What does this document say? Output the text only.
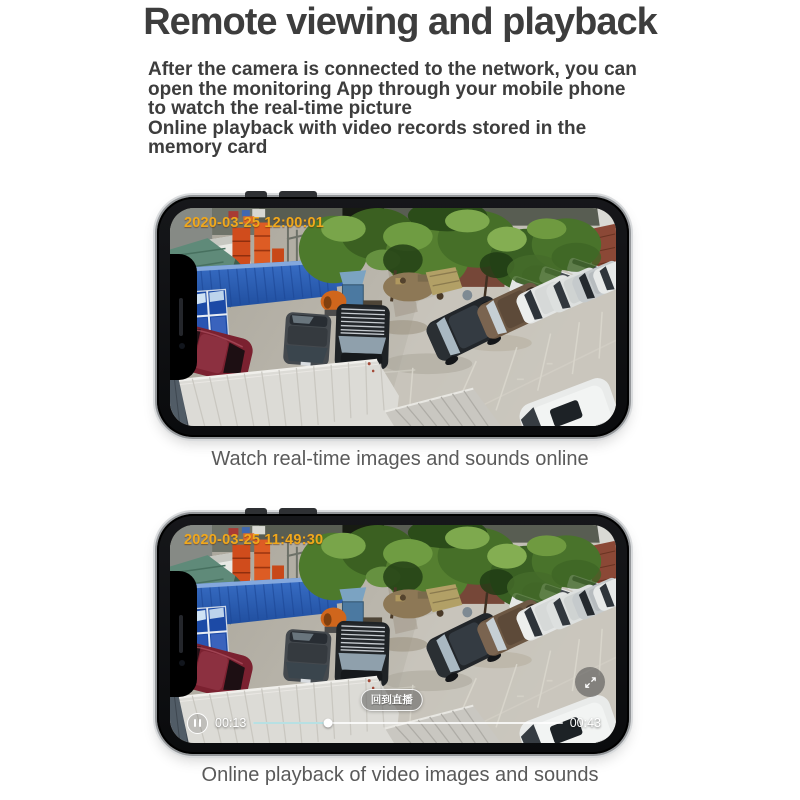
Remote viewing and playback
After the camera is connected to the network, you can
open the monitoring App through your mobile phone
to watch the real-time picture
Online playback with video records stored in the
memory card
2020-03-25 12:00:01
Watch real-time images and sounds online
2020-03-25 11:49:30
回到直播
00:13	00:43
Online playback of video images and sounds
